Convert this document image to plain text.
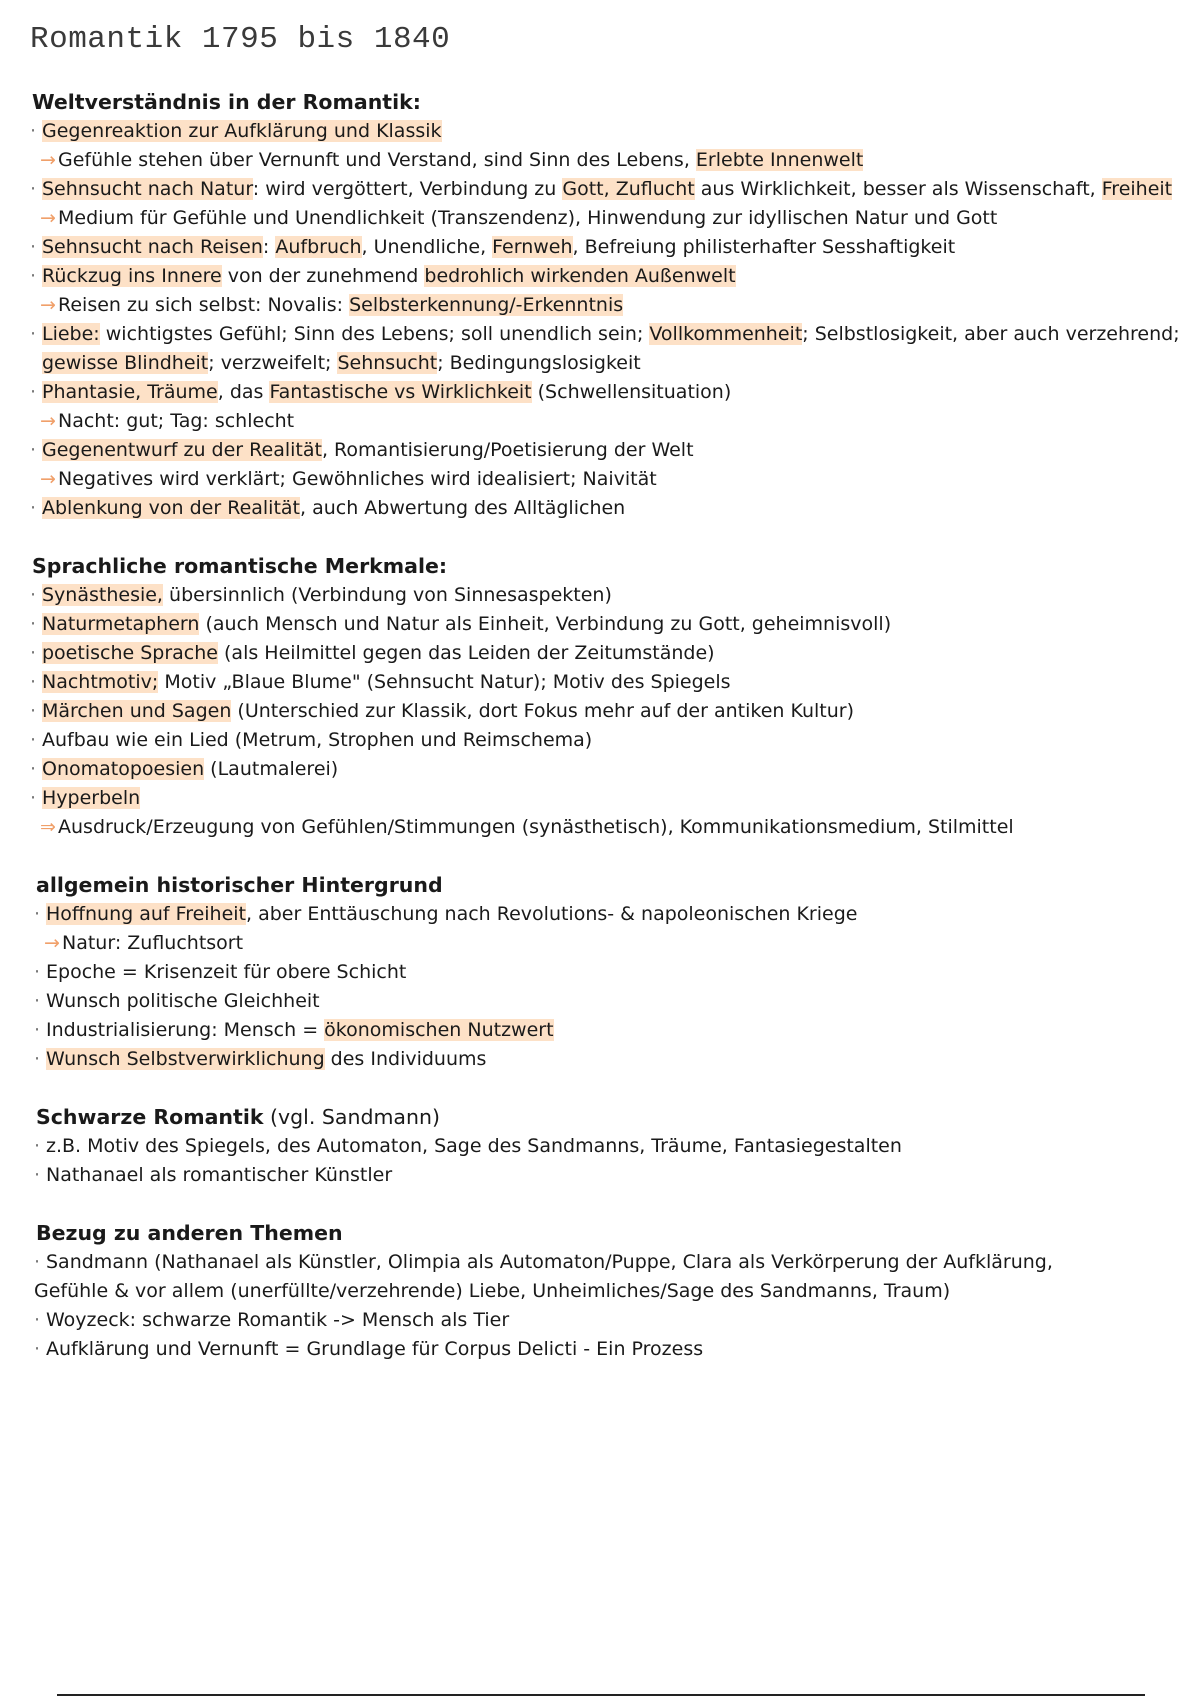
Romantik 1795 bis 1840
Weltverständnis in der Romantik:
· Gegenreaktion zur Aufklärung und Klassik
→ Gefühle stehen über Vernunft und Verstand, sind Sinn des Lebens, Erlebte Innenwelt
· Sehnsucht nach Natur: wird vergöttert, Verbindung zu Gott, Zuflucht aus Wirklichkeit, besser als Wissenschaft, Freiheit
→ Medium für Gefühle und Unendlichkeit (Transzendenz), Hinwendung zur idyllischen Natur und Gott
· Sehnsucht nach Reisen: Aufbruch, Unendliche, Fernweh, Befreiung philisterhafter Sesshaftigkeit
· Rückzug ins Innere von der zunehmend bedrohlich wirkenden Außenwelt
→ Reisen zu sich selbst: Novalis: Selbsterkennung/-Erkenntnis
· Liebe: wichtigstes Gefühl; Sinn des Lebens; soll unendlich sein; Vollkommenheit; Selbstlosigkeit, aber auch verzehrend;
gewisse Blindheit; verzweifelt; Sehnsucht; Bedingungslosigkeit
· Phantasie, Träume, das Fantastische vs Wirklichkeit (Schwellensituation)
→ Nacht: gut; Tag: schlecht
· Gegenentwurf zu der Realität, Romantisierung/Poetisierung der Welt
→ Negatives wird verklärt; Gewöhnliches wird idealisiert; Naivität
· Ablenkung von der Realität, auch Abwertung des Alltäglichen
Sprachliche romantische Merkmale:
· Synästhesie, übersinnlich (Verbindung von Sinnesaspekten)
· Naturmetaphern (auch Mensch und Natur als Einheit, Verbindung zu Gott, geheimnisvoll)
· poetische Sprache (als Heilmittel gegen das Leiden der Zeitumstände)
· Nachtmotiv; Motiv „Blaue Blume" (Sehnsucht Natur); Motiv des Spiegels
· Märchen und Sagen (Unterschied zur Klassik, dort Fokus mehr auf der antiken Kultur)
· Aufbau wie ein Lied (Metrum, Strophen und Reimschema)
· Onomatopoesien (Lautmalerei)
· Hyperbeln
⇒ Ausdruck/Erzeugung von Gefühlen/Stimmungen (synästhetisch), Kommunikationsmedium, Stilmittel
allgemein historischer Hintergrund
· Hoffnung auf Freiheit, aber Enttäuschung nach Revolutions- & napoleonischen Kriege
→ Natur: Zufluchtsort
· Epoche = Krisenzeit für obere Schicht
· Wunsch politische Gleichheit
· Industrialisierung: Mensch = ökonomischen Nutzwert
· Wunsch Selbstverwirklichung des Individuums
Schwarze Romantik (vgl. Sandmann)
· z.B. Motiv des Spiegels, des Automaton, Sage des Sandmanns, Träume, Fantasiegestalten
· Nathanael als romantischer Künstler
Bezug zu anderen Themen
· Sandmann (Nathanael als Künstler, Olimpia als Automaton/Puppe, Clara als Verkörperung der Aufklärung,
Gefühle & vor allem (unerfüllte/verzehrende) Liebe, Unheimliches/Sage des Sandmanns, Traum)
· Woyzeck: schwarze Romantik -> Mensch als Tier
· Aufklärung und Vernunft = Grundlage für Corpus Delicti - Ein Prozess
